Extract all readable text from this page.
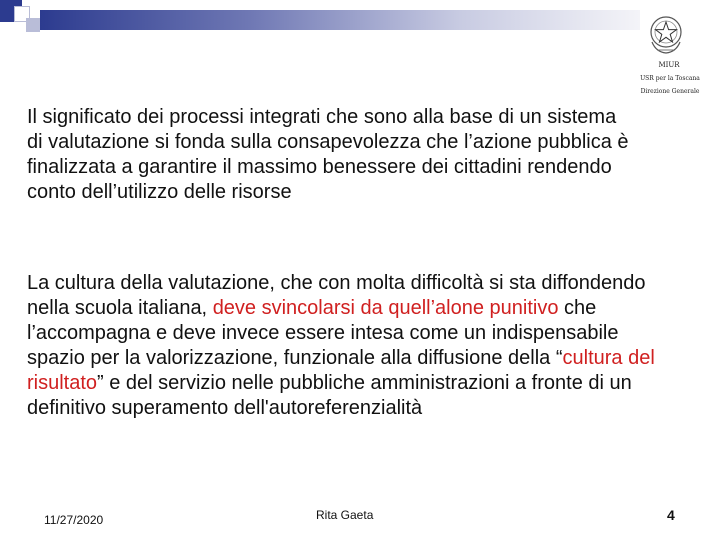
MIUR
USR per la Toscana
Direzione Generale

Il significato dei processi integrati che sono alla base di un sistema di valutazione si fonda sulla consapevolezza che l’azione pubblica è finalizzata a garantire il massimo benessere dei cittadini rendendo conto dell’utilizzo delle risorse

La cultura della valutazione, che con molta difficoltà si sta diffondendo nella scuola italiana, deve svincolarsi da quell’alone punitivo che l’accompagna e deve invece essere intesa come un indispensabile spazio per la valorizzazione, funzionale alla diffusione della “cultura del risultato” e del servizio nelle pubbliche amministrazioni a fronte di un definitivo superamento dell'autoreferenzialità

11/27/2020	Rita Gaeta	4
